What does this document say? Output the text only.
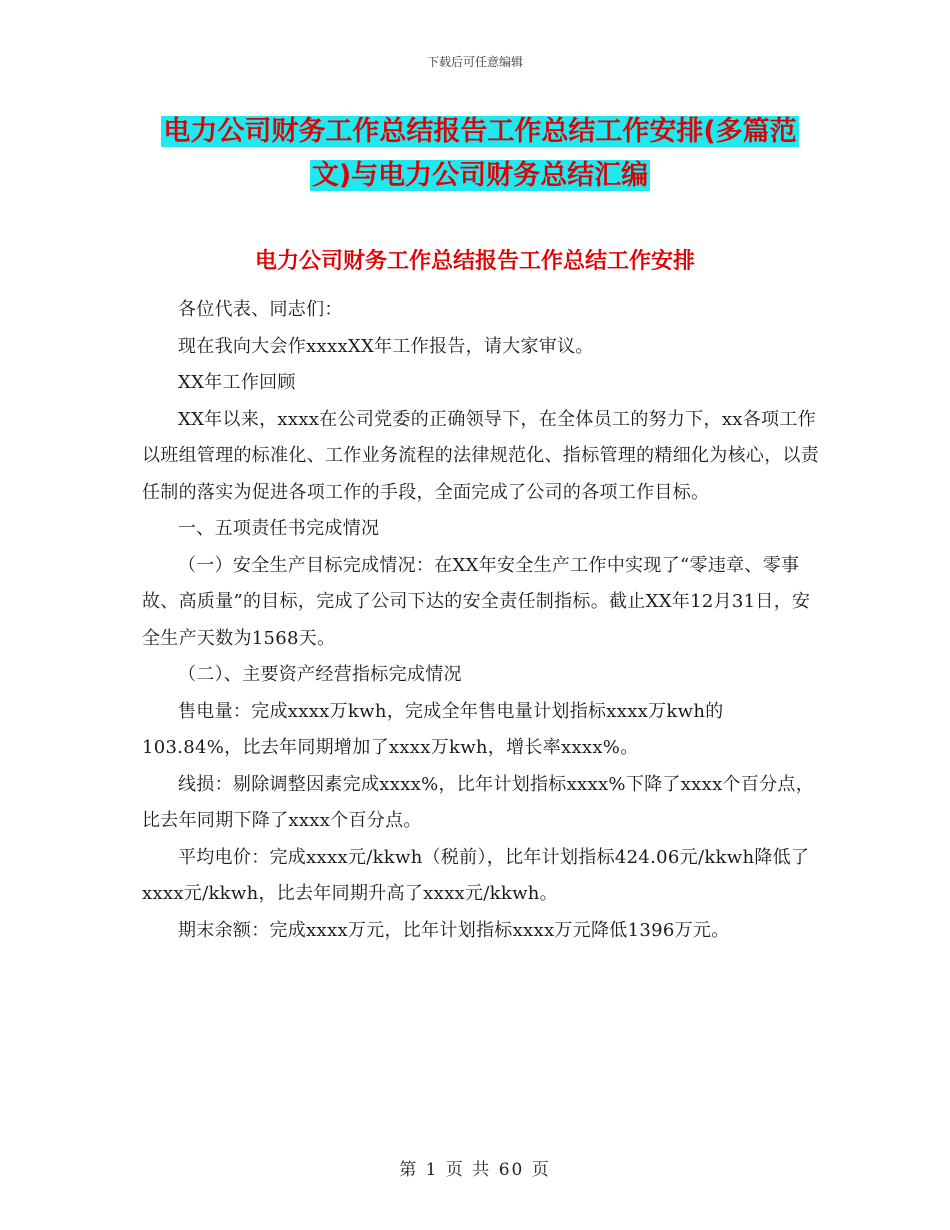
下载后可任意编辑
电力公司财务工作总结报告工作总结工作安排(多篇范
文)与电力公司财务总结汇编
电力公司财务工作总结报告工作总结工作安排

各位代表、同志们：

现在我向大会作xxxxXX年工作报告，请大家审议。

XX年工作回顾

XX年以来，xxxx在公司党委的正确领导下，在全体员工的努力下，xx各项工作以班组管理的标准化、工作业务流程的法律规范化、指标管理的精细化为核心，以责任制的落实为促进各项工作的手段，全面完成了公司的各项工作目标。

一、五项责任书完成情况

（一）安全生产目标完成情况：在XX年安全生产工作中实现了“零违章、零事故、高质量”的目标，完成了公司下达的安全责任制指标。截止XX年12月31日，安全生产天数为1568天。

（二）、主要资产经营指标完成情况

售电量：完成xxxx万kwh，完成全年售电量计划指标xxxx万kwh的103.84%，比去年同期增加了xxxx万kwh，增长率xxxx%。

线损：剔除调整因素完成xxxx%，比年计划指标xxxx%下降了xxxx个百分点，比去年同期下降了xxxx个百分点。

平均电价：完成xxxx元/kkwh（税前），比年计划指标424.06元/kkwh降低了xxxx元/kkwh，比去年同期升高了xxxx元/kkwh。

期末余额：完成xxxx万元，比年计划指标xxxx万元降低1396万元。

第 1 页 共 60 页
